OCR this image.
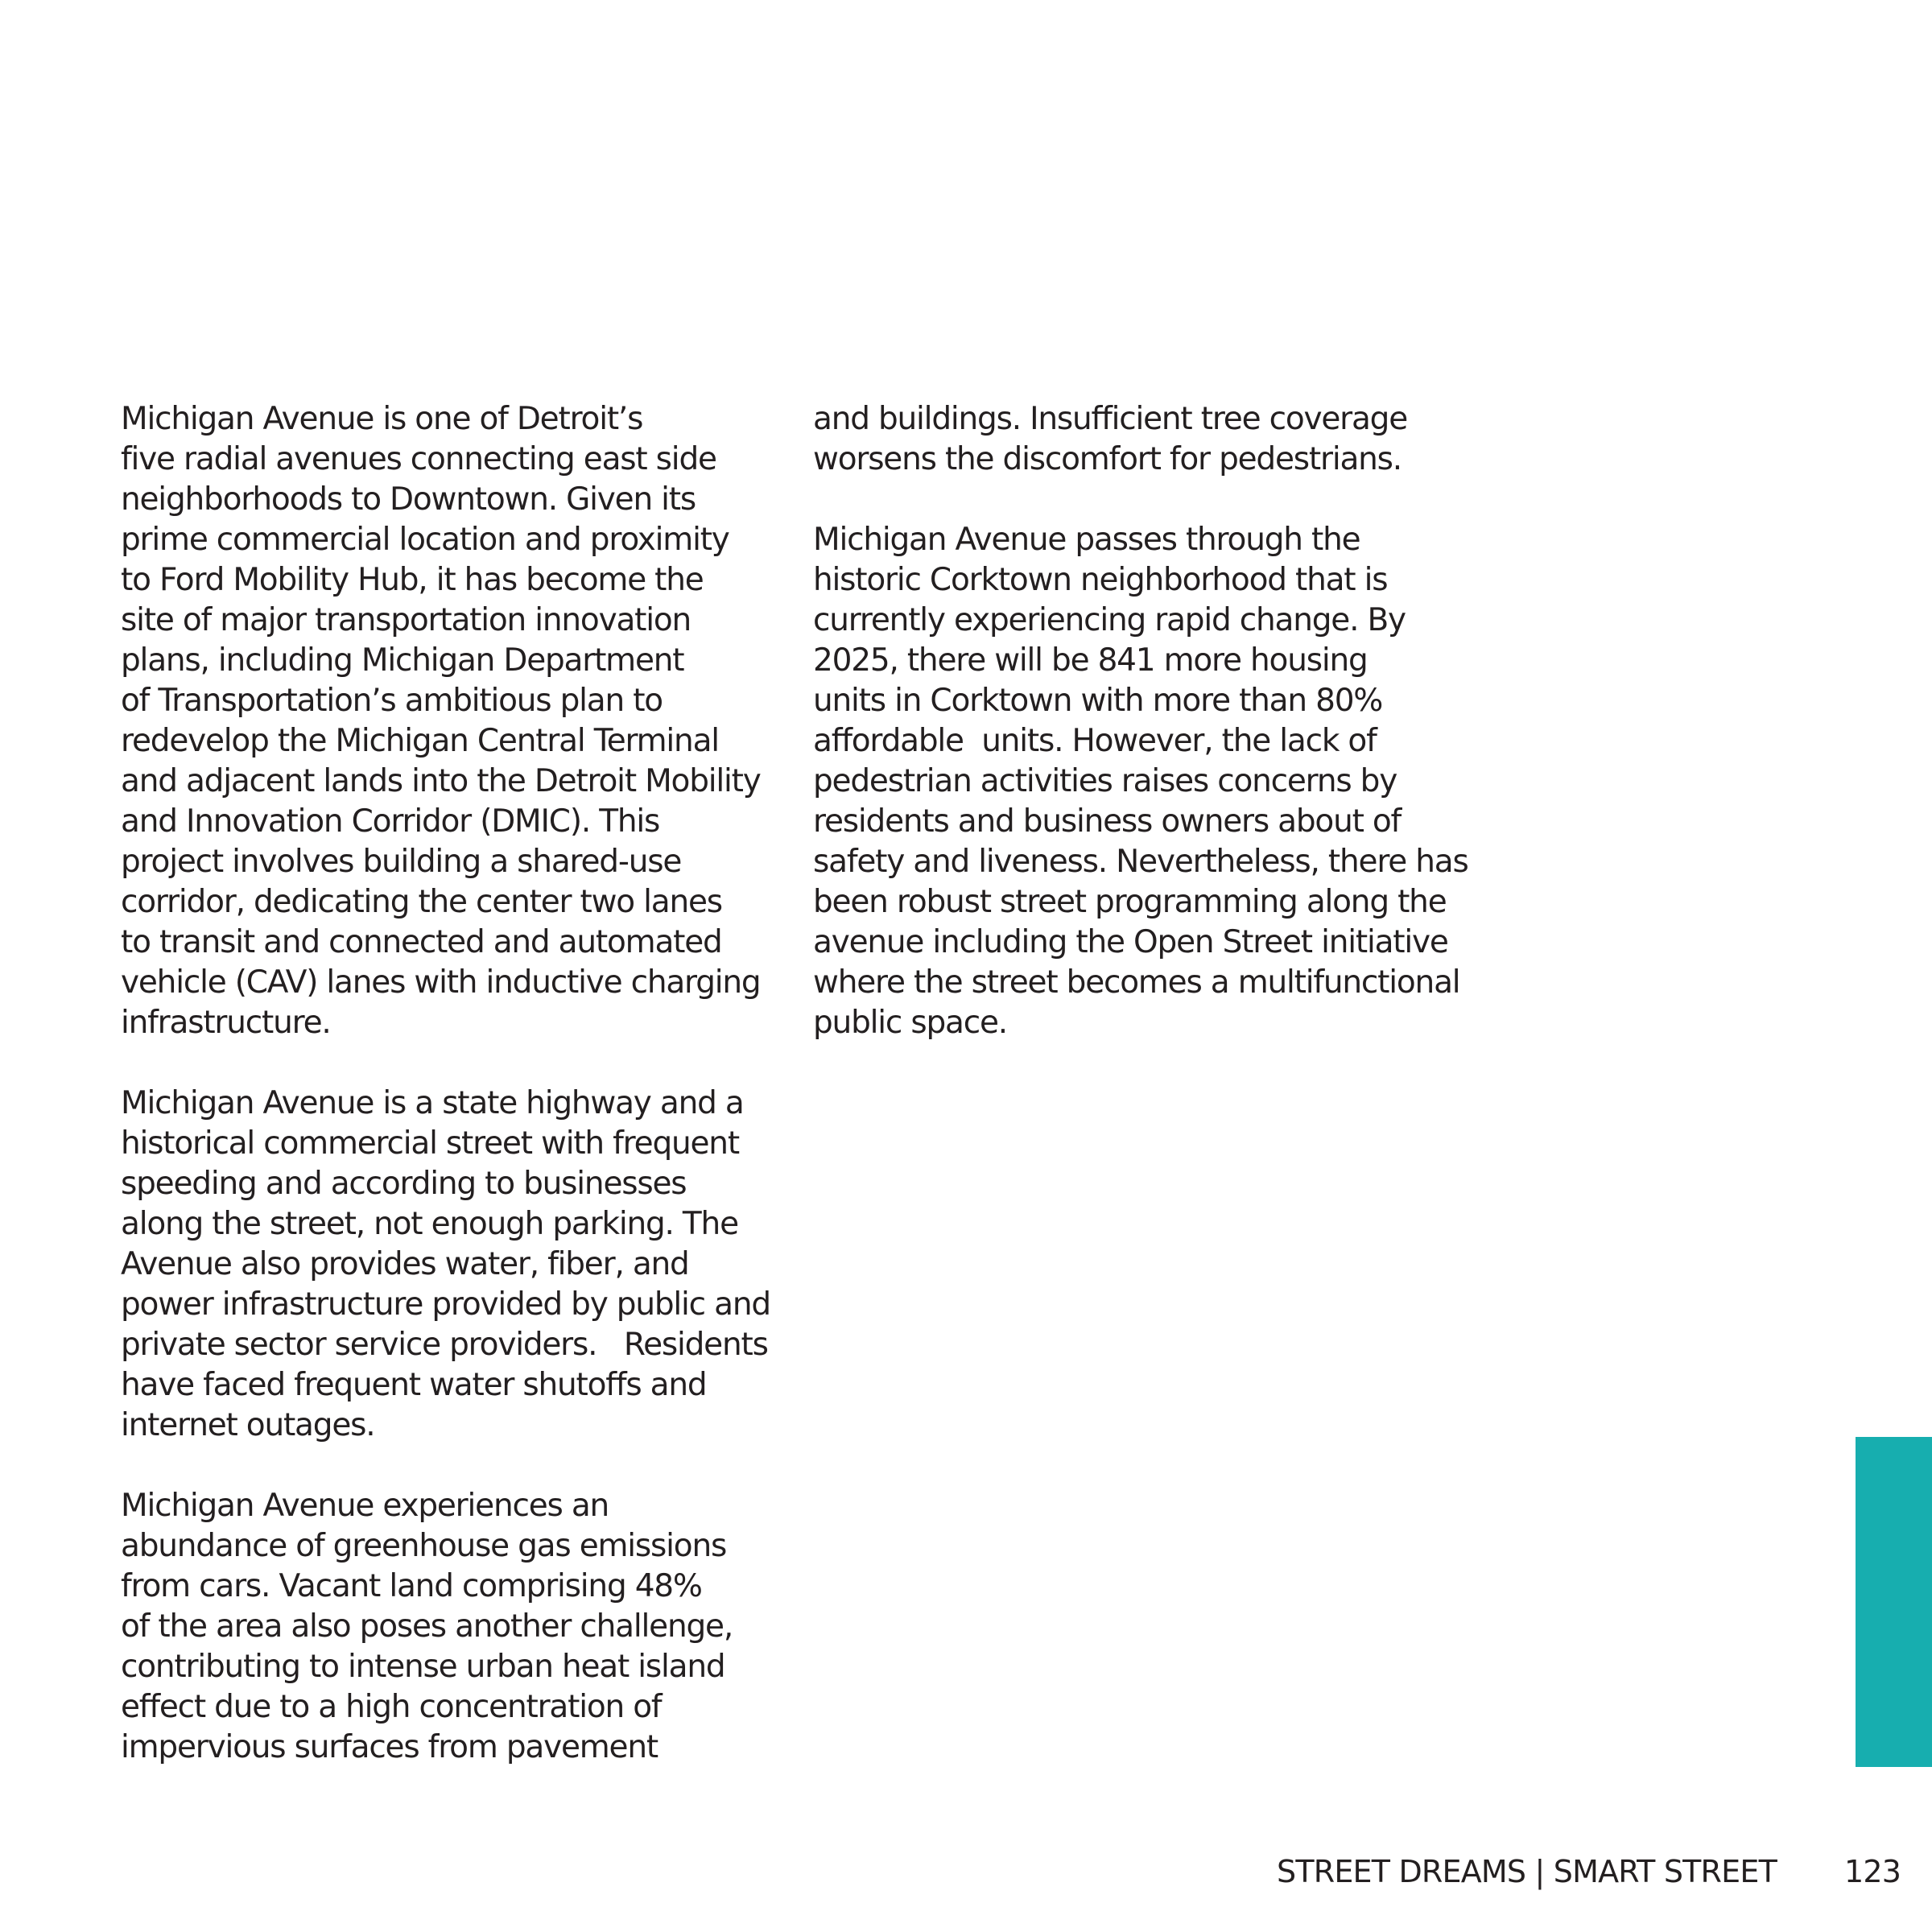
Michigan Avenue is one of Detroit’s
five radial avenues connecting east side
neighborhoods to Downtown. Given its
prime commercial location and proximity
to Ford Mobility Hub, it has become the
site of major transportation innovation
plans, including Michigan Department
of Transportation’s ambitious plan to
redevelop the Michigan Central Terminal
and adjacent lands into the Detroit Mobility
and Innovation Corridor (DMIC). This
project involves building a shared-use
corridor, dedicating the center two lanes
to transit and connected and automated
vehicle (CAV) lanes with inductive charging
infrastructure.
Michigan Avenue is a state highway and a
historical commercial street with frequent
speeding and according to businesses
along the street, not enough parking. The
Avenue also provides water, fiber, and
power infrastructure provided by public and
private sector service providers.   Residents
have faced frequent water shutoffs and
internet outages.
Michigan Avenue experiences an
abundance of greenhouse gas emissions
from cars. Vacant land comprising 48%
of the area also poses another challenge,
contributing to intense urban heat island
effect due to a high concentration of
impervious surfaces from pavement
and buildings. Insufficient tree coverage
worsens the discomfort for pedestrians.
Michigan Avenue passes through the
historic Corktown neighborhood that is
currently experiencing rapid change. By
2025, there will be 841 more housing
units in Corktown with more than 80%
affordable  units. However, the lack of
pedestrian activities raises concerns by
residents and business owners about of
safety and liveness. Nevertheless, there has
been robust street programming along the
avenue including the Open Street initiative
where the street becomes a multifunctional
public space.
STREET DREAMS | SMART STREET 123
